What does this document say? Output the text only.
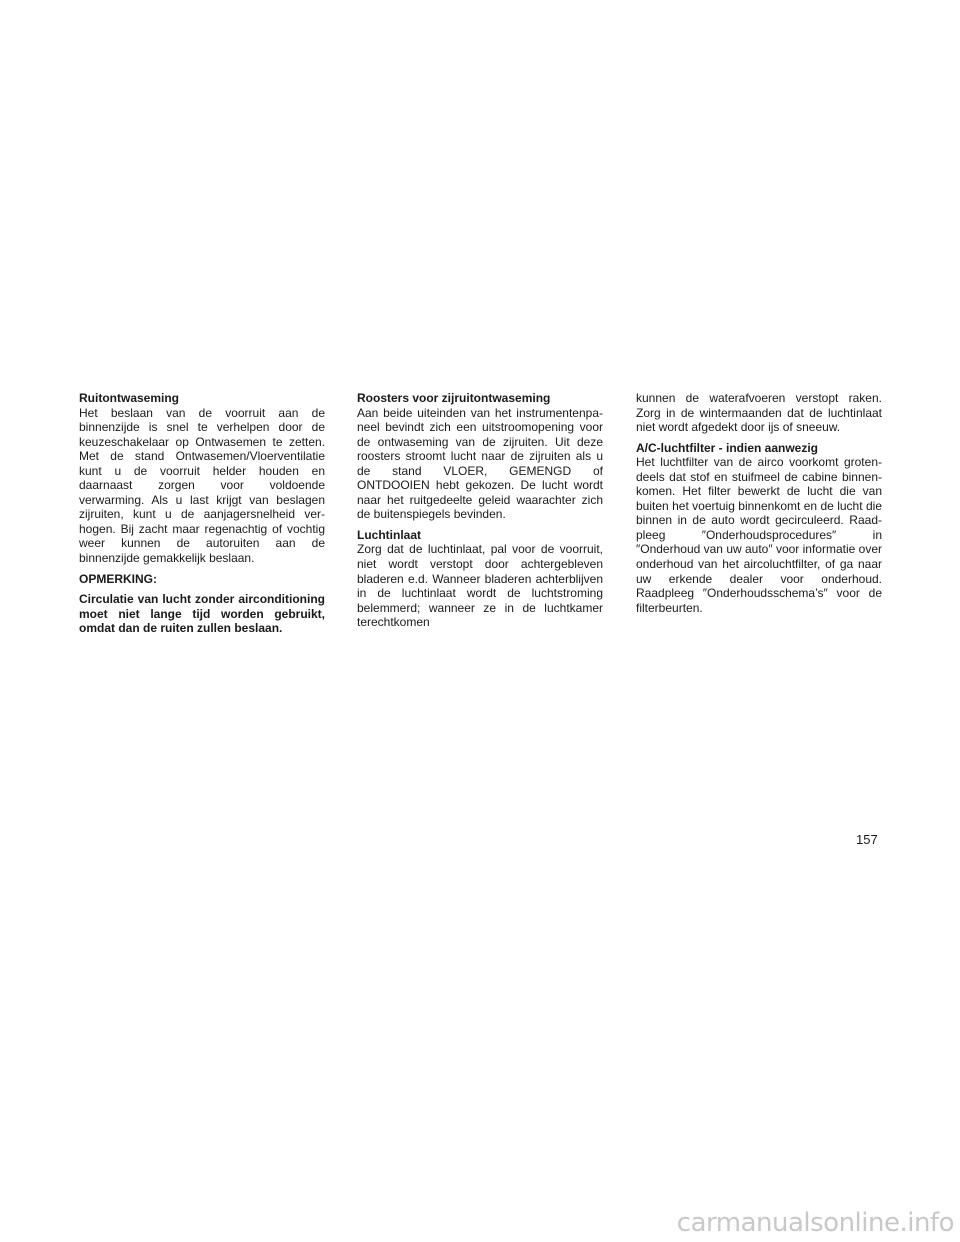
Ruitontwaseming
Het beslaan van de voorruit aan de binnenzijde is snel te verhelpen door de keuzeschakelaar op Ontwasemen te zetten. Met de stand Ontwasemen/Vloerventilatie kunt u de voorruit helder houden en daarnaast zorgen voor voldoende verwarming. Als u last krijgt van beslagen zijruiten, kunt u de aanjagersnelheid verhogen. Bij zacht maar regenachtig of vochtig weer kunnen de autoruiten aan de binnenzijde gemakkelijk beslaan.

OPMERKING:

Circulatie van lucht zonder airconditioning moet niet lange tijd worden gebruikt, omdat dan de ruiten zullen beslaan.

Roosters voor zijruitontwaseming
Aan beide uiteinden van het instrumentenpaneel bevindt zich een uitstroomopening voor de ontwaseming van de zijruiten. Uit deze roosters stroomt lucht naar de zijruiten als u de stand VLOER, GEMENGD of ONTDOOIEN hebt gekozen. De lucht wordt naar het ruitgedeelte geleid waarachter zich de buitenspiegels bevinden.

Luchtinlaat
Zorg dat de luchtinlaat, pal voor de voorruit, niet wordt verstopt door achtergebleven bladeren e.d. Wanneer bladeren achterblijven in de luchtinlaat wordt de luchtstroming belemmerd; wanneer ze in de luchtkamer terechtkomen

kunnen de waterafvoeren verstopt raken. Zorg in de wintermaanden dat de luchtinlaat niet wordt afgedekt door ijs of sneeuw.

A/C-luchtfilter - indien aanwezig
Het luchtfilter van de airco voorkomt grotendeels dat stof en stuifmeel de cabine binnenkomen. Het filter bewerkt de lucht die van buiten het voertuig binnenkomt en de lucht die binnen in de auto wordt gecirculeerd. Raadpleeg ″Onderhoudsprocedures″ in ″Onderhoud van uw auto″ voor informatie over onderhoud van het aircoluchtfilter, of ga naar uw erkende dealer voor onderhoud. Raadpleeg ″Onderhoudsschema’s″ voor de filterbeurten.

157
carmanualsonline.info
